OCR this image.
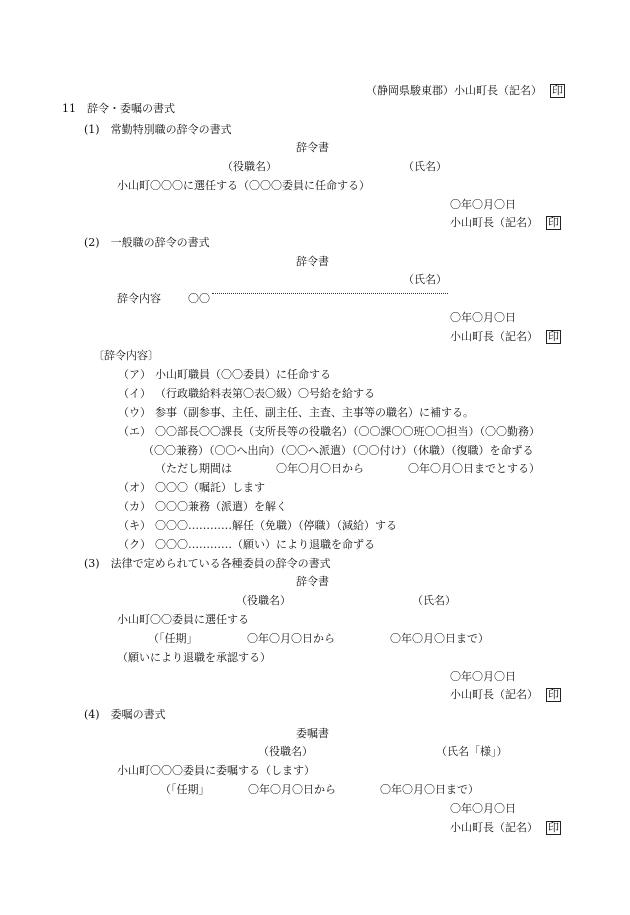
（静岡県駿東郡）小山町長（記名） 印
11　辞令・委嘱の書式
(1)　常勤特別職の辞令の書式
辞令書
（役職名）	（氏名）
小山町〇〇〇に選任する（〇〇〇委員に任命する）
〇年〇月〇日
小山町長（記名） 印
(2)　一般職の辞令の書式
辞令書
（氏名）
辞令内容 〇〇
〇年〇月〇日
小山町長（記名） 印
〔辞令内容〕
（ア） 小山町職員（〇〇委員）に任命する
（イ） （行政職給料表第〇表〇級）〇号給を給する
（ウ） 参事（副参事、主任、副主任、主査、主事等の職名）に補する。
（エ） 〇〇部長〇〇課長（支所長等の役職名）（〇〇課〇〇班〇〇担当）（〇〇勤務）
（〇〇兼務）（〇〇へ出向）（〇〇へ派遣）（〇〇付け）（休職）（復職）を命ずる
（ただし期間は　　　　〇年〇月〇日から　　　　〇年〇月〇日までとする）
（オ） 〇〇〇（嘱託）します
（カ） 〇〇〇兼務（派遣）を解く
（キ） 〇〇〇…………解任（免職）（停職）（減給）する
（ク） 〇〇〇…………（願い）により退職を命ずる
(3)　法律で定められている各種委員の辞令の書式
辞令書
（役職名）	（氏名）
小山町〇〇委員に選任する
（「任期」　　　　　〇年〇月〇日から　　　　　〇年〇月〇日まで）
（願いにより退職を承認する）
〇年〇月〇日
小山町長（記名） 印
(4)　委嘱の書式
委嘱書
（役職名）	（氏名「様」）
小山町〇〇〇委員に委嘱する（します）
（「任期」　　　　〇年〇月〇日から　　　　〇年〇月〇日まで）
〇年〇月〇日
小山町長（記名） 印
